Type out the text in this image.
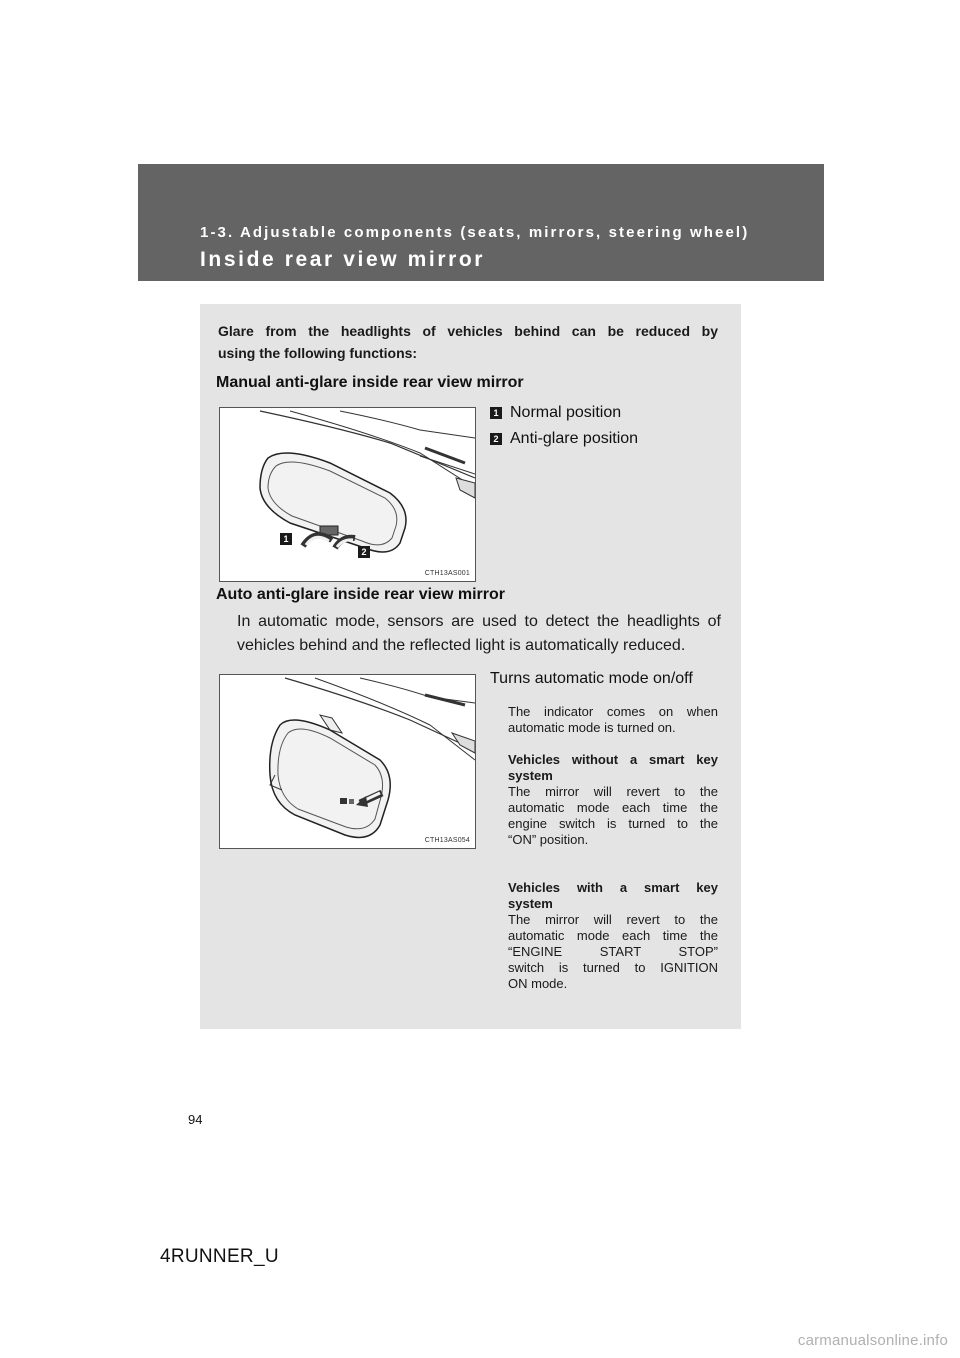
1-3. Adjustable components (seats, mirrors, steering wheel)
Inside rear view mirror
Glare from the headlights of vehicles behind can be reduced by
using the following functions:
Manual anti-glare inside rear view mirror
1
2
CTH13AS001
1 Normal position
2 Anti-glare position
Auto anti-glare inside rear view mirror
In automatic mode, sensors are used to detect the headlights of
vehicles behind and the reflected light is automatically reduced.
CTH13AS054
Turns automatic mode on/off
The indicator comes on when
automatic mode is turned on.
Vehicles without a smart key
system
The mirror will revert to the
automatic mode each time the
engine switch is turned to the
“ON” position.
Vehicles with a smart key
system
The mirror will revert to the
automatic mode each time the
“ENGINE START STOP”
switch is turned to IGNITION
ON mode.
94
4RUNNER_U
carmanualsonline.info
